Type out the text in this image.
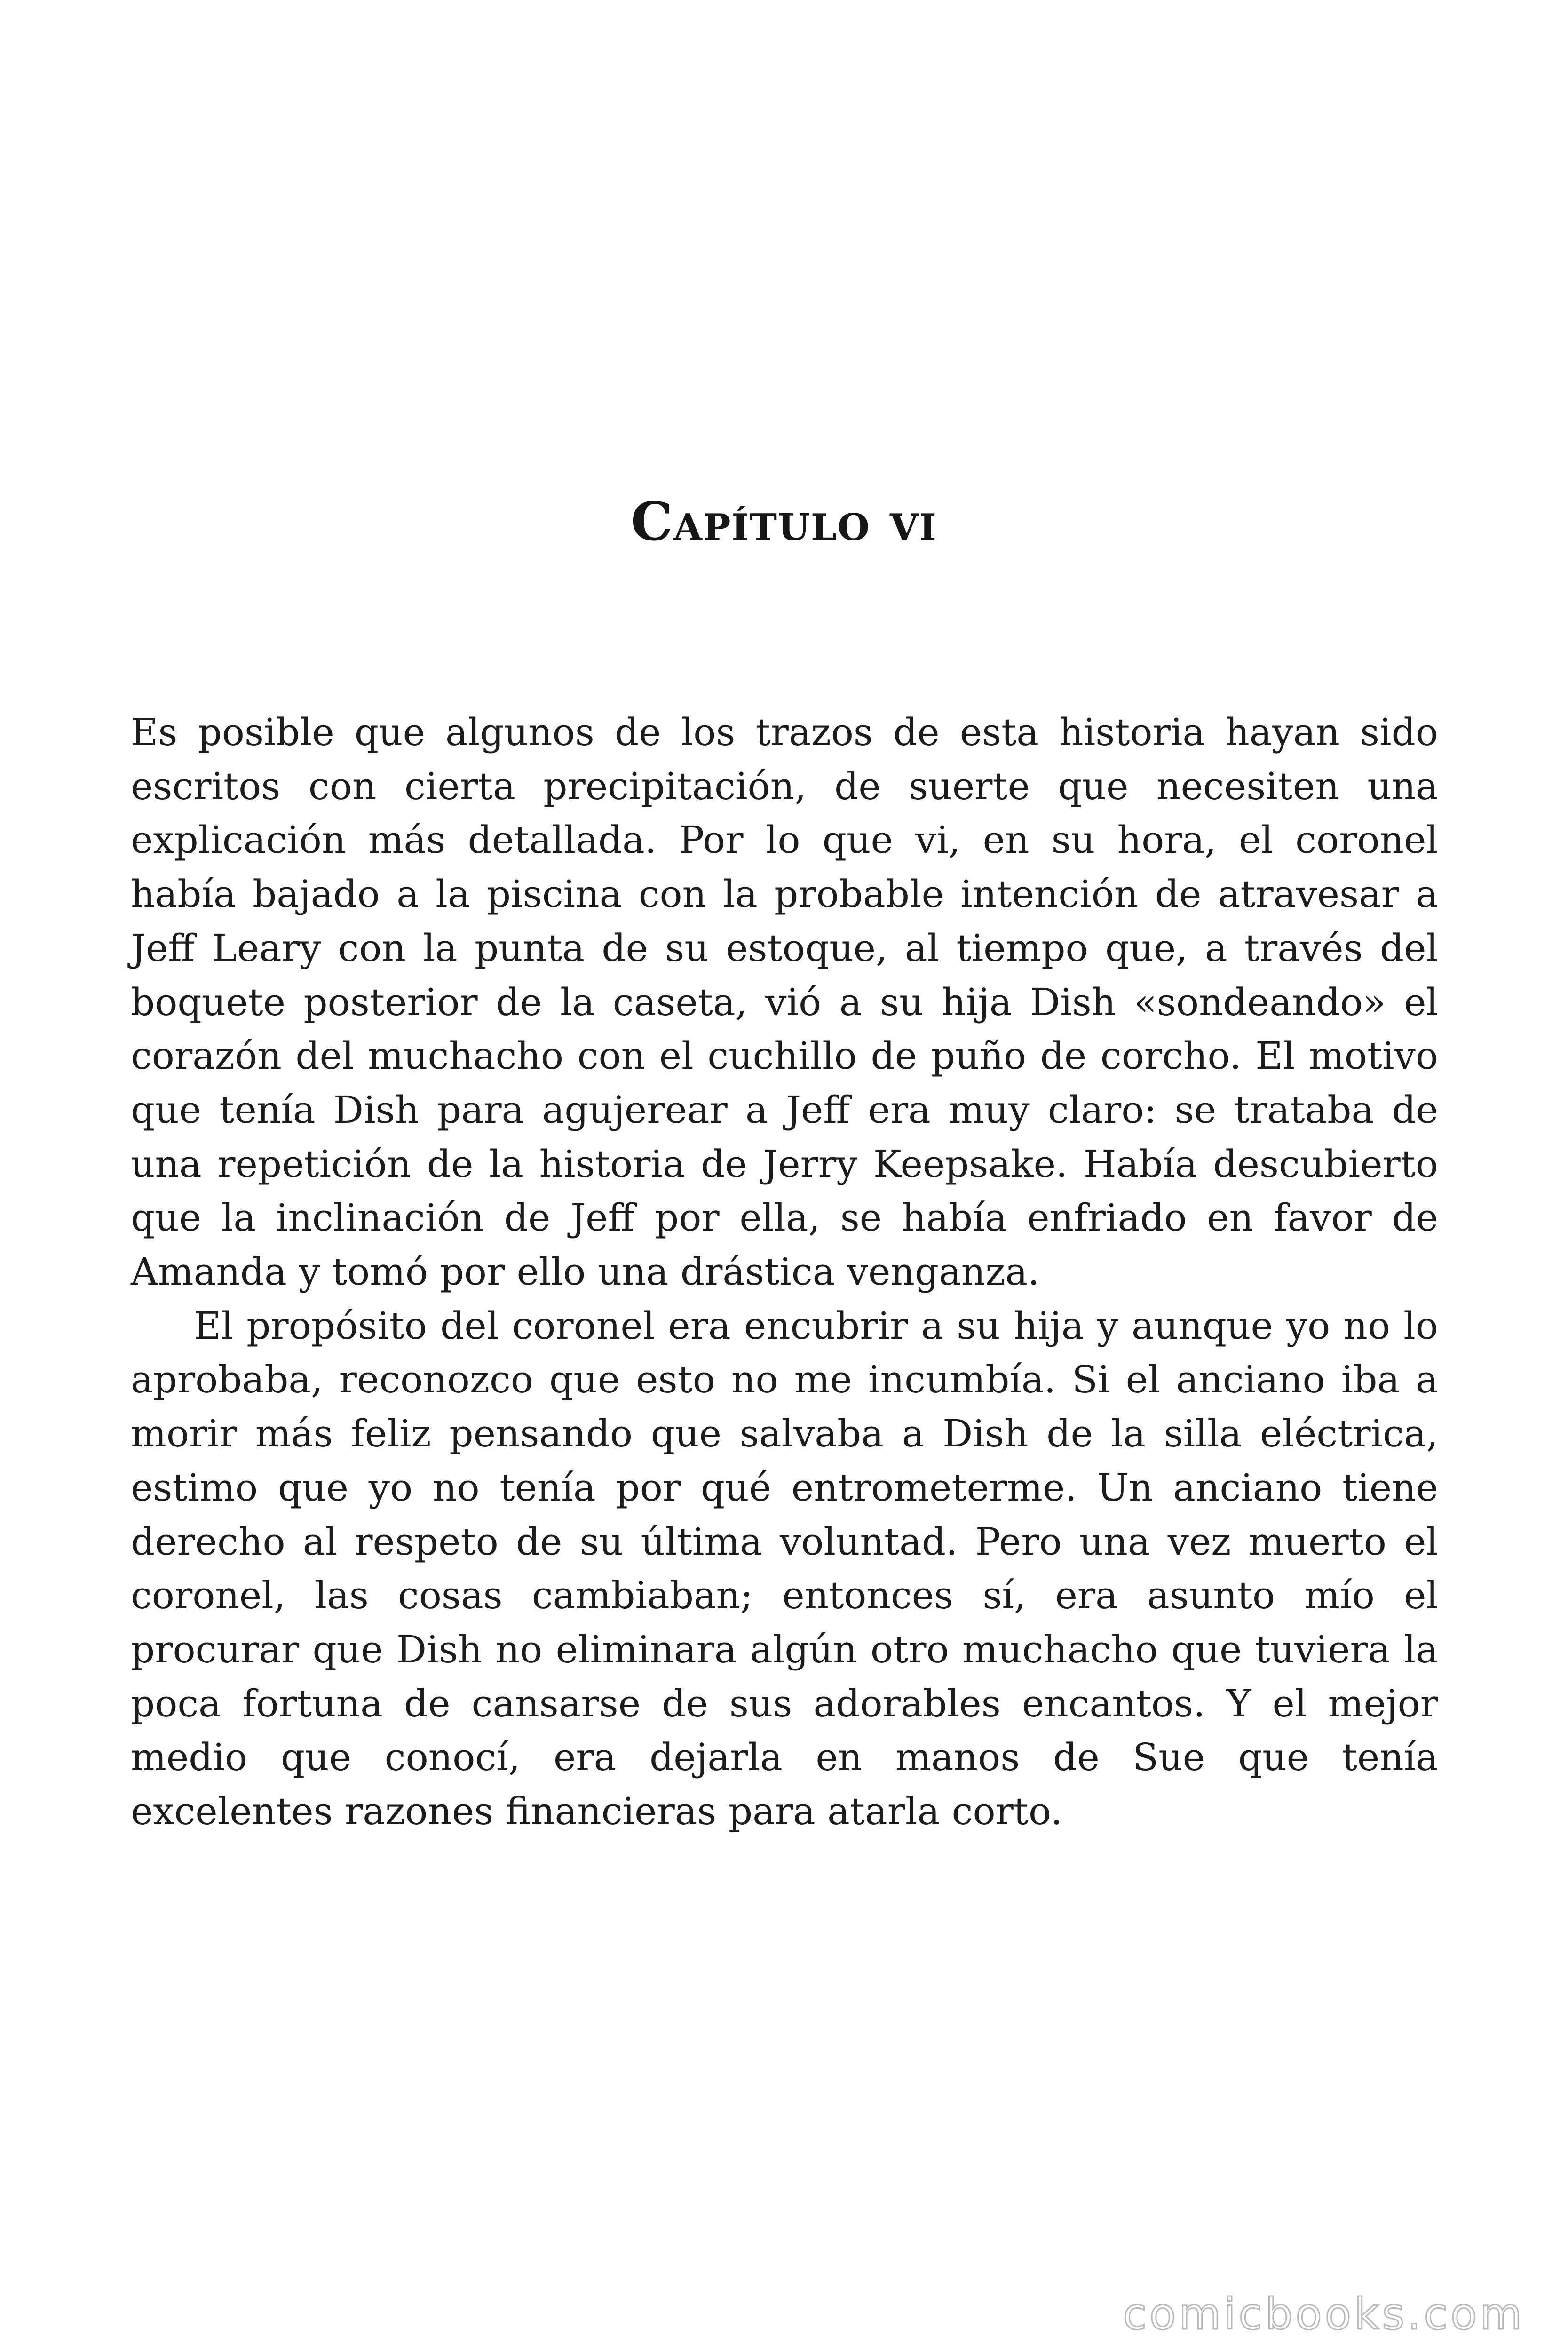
Capítulo vi

Es posible que algunos de los trazos de esta historia hayan sido escritos con cierta precipitación, de suerte que necesiten una explicación más detallada. Por lo que vi, en su hora, el coronel había bajado a la piscina con la probable intención de atravesar a Jeff Leary con la punta de su estoque, al tiempo que, a través del boquete posterior de la caseta, vió a su hija Dish «sondeando» el corazón del muchacho con el cuchillo de puño de corcho. El motivo que tenía Dish para agujerear a Jeff era muy claro: se trataba de una repetición de la historia de Jerry Keepsake. Había descubierto que la inclinación de Jeff por ella, se había enfriado en favor de Amanda y tomó por ello una drástica venganza.

El propósito del coronel era encubrir a su hija y aunque yo no lo aprobaba, reconozco que esto no me incumbía. Si el anciano iba a morir más feliz pensando que salvaba a Dish de la silla eléctrica, estimo que yo no tenía por qué entrometerme. Un anciano tiene derecho al respeto de su última voluntad. Pero una vez muerto el coronel, las cosas cambiaban; entonces sí, era asunto mío el procurar que Dish no eliminara algún otro muchacho que tuviera la poca fortuna de cansarse de sus adorables encantos. Y el mejor medio que conocí, era dejarla en manos de Sue que tenía excelentes razones financieras para atarla corto.

comicbooks.com
